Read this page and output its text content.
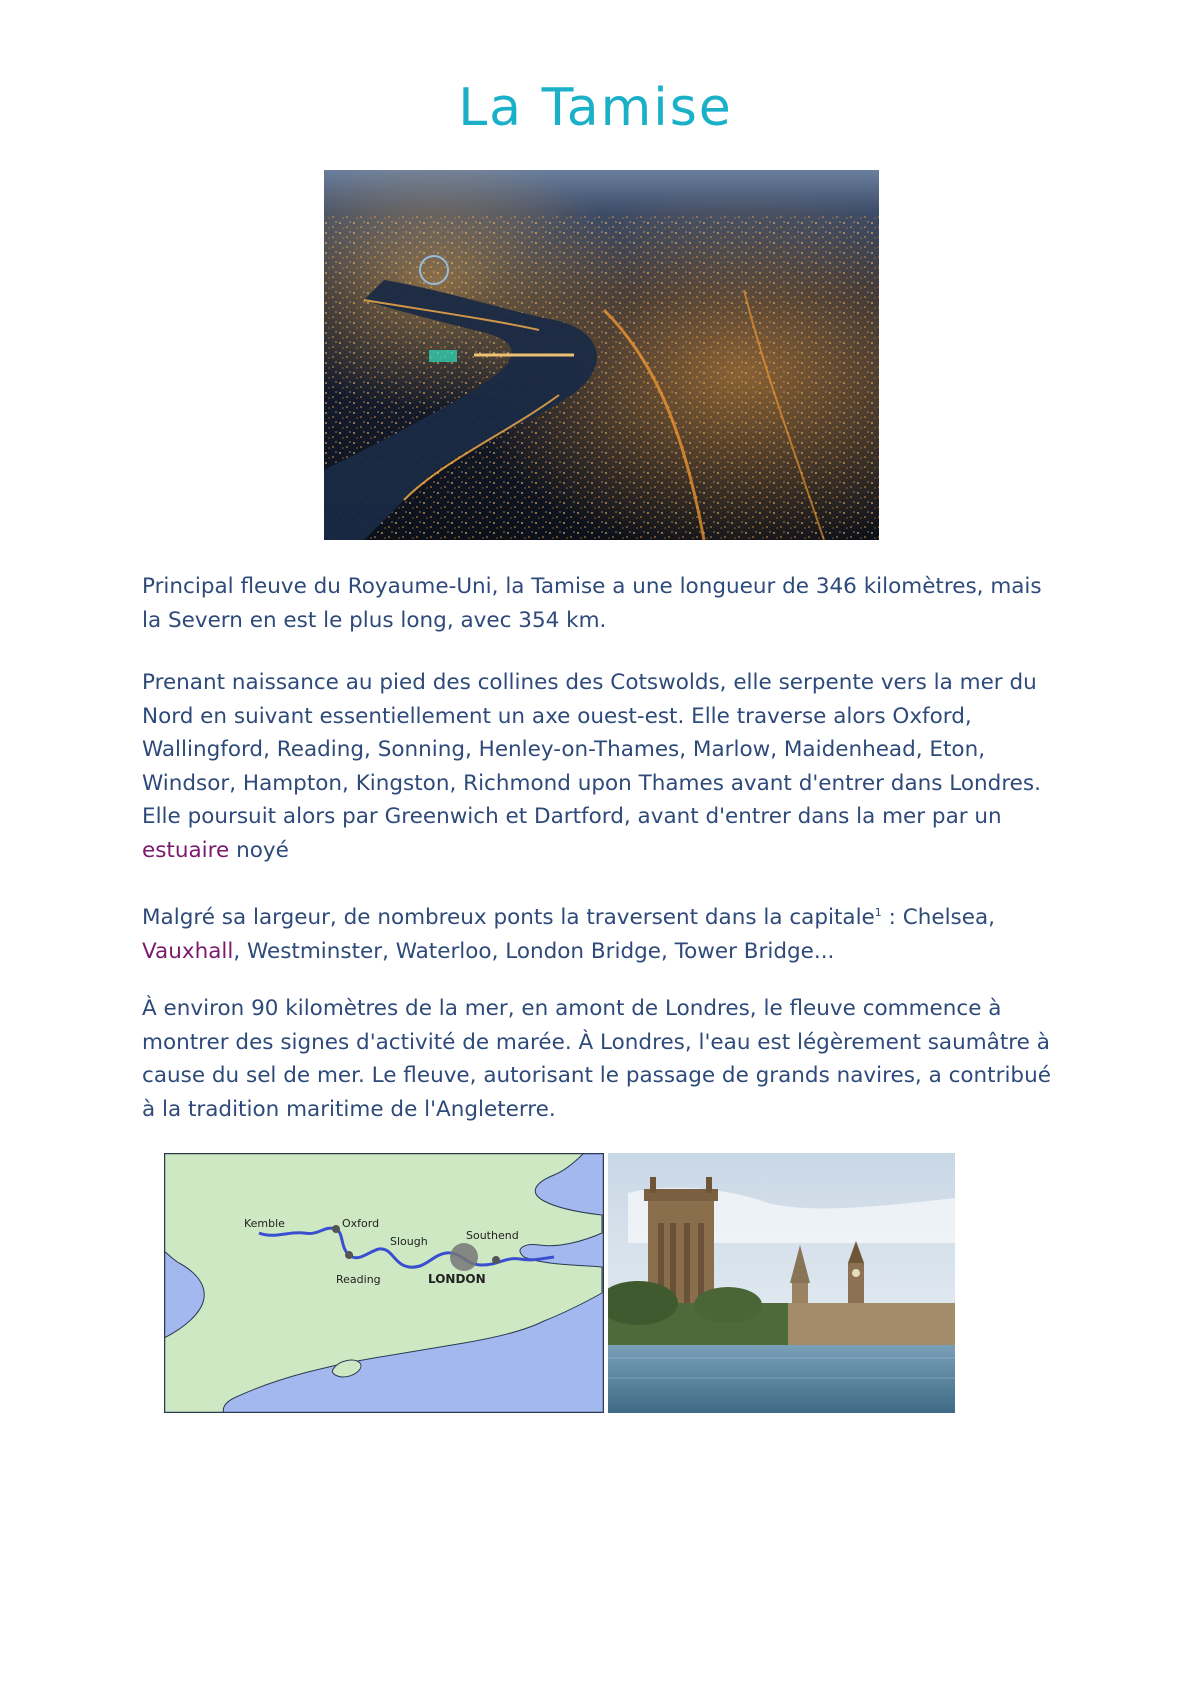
La Tamise

Principal fleuve du Royaume-Uni, la Tamise a une longueur de 346 kilomètres, mais la Severn en est le plus long, avec 354 km.

Prenant naissance au pied des collines des Cotswolds, elle serpente vers la mer du Nord en suivant essentiellement un axe ouest-est. Elle traverse alors Oxford, Wallingford, Reading, Sonning, Henley-on-Thames, Marlow, Maidenhead, Eton, Windsor, Hampton, Kingston, Richmond upon Thames avant d'entrer dans Londres. Elle poursuit alors par Greenwich et Dartford, avant d'entrer dans la mer par un estuaire noyé

Malgré sa largeur, de nombreux ponts la traversent dans la capitale$^1$ : Chelsea, Vauxhall, Westminster, Waterloo, London Bridge, Tower Bridge...

À environ 90 kilomètres de la mer, en amont de Londres, le fleuve commence à montrer des signes d'activité de marée. À Londres, l'eau est légèrement saumâtre à cause du sel de mer. Le fleuve, autorisant le passage de grands navires, a contribué à la tradition maritime de l'Angleterre.

Kemble	Oxford
Slough	Southend
Reading	LONDON
